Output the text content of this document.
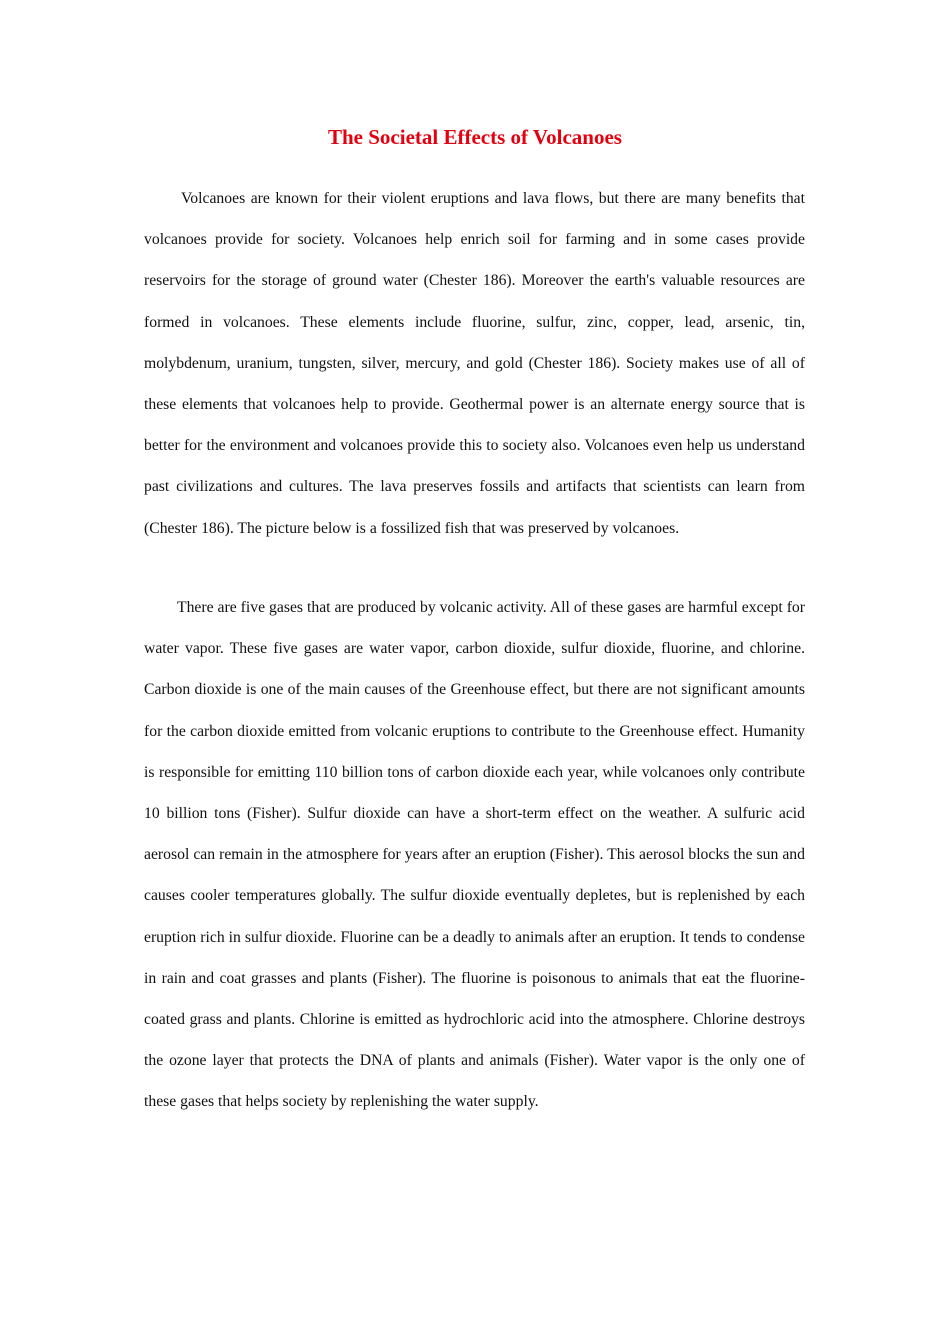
The Societal Effects of Volcanoes

Volcanoes are known for their violent eruptions and lava flows, but there are many benefits that volcanoes provide for society. Volcanoes help enrich soil for farming and in some cases provide reservoirs for the storage of ground water (Chester 186). Moreover the earth's valuable resources are formed in volcanoes. These elements include fluorine, sulfur, zinc, copper, lead, arsenic, tin, molybdenum, uranium, tungsten, silver, mercury, and gold (Chester 186). Society makes use of all of these elements that volcanoes help to provide. Geothermal power is an alternate energy source that is better for the environment and volcanoes provide this to society also. Volcanoes even help us understand past civilizations and cultures. The lava preserves fossils and artifacts that scientists can learn from (Chester 186). The picture below is a fossilized fish that was preserved by volcanoes.

There are five gases that are produced by volcanic activity. All of these gases are harmful except for water vapor. These five gases are water vapor, carbon dioxide, sulfur dioxide, fluorine, and chlorine. Carbon dioxide is one of the main causes of the Greenhouse effect, but there are not significant amounts for the carbon dioxide emitted from volcanic eruptions to contribute to the Greenhouse effect. Humanity is responsible for emitting 110 billion tons of carbon dioxide each year, while volcanoes only contribute 10 billion tons (Fisher). Sulfur dioxide can have a short-term effect on the weather. A sulfuric acid aerosol can remain in the atmosphere for years after an eruption (Fisher). This aerosol blocks the sun and causes cooler temperatures globally. The sulfur dioxide eventually depletes, but is replenished by each eruption rich in sulfur dioxide. Fluorine can be a deadly to animals after an eruption. It tends to condense in rain and coat grasses and plants (Fisher). The fluorine is poisonous to animals that eat the fluorine-coated grass and plants. Chlorine is emitted as hydrochloric acid into the atmosphere. Chlorine destroys the ozone layer that protects the DNA of plants and animals (Fisher). Water vapor is the only one of these gases that helps society by replenishing the water supply.
